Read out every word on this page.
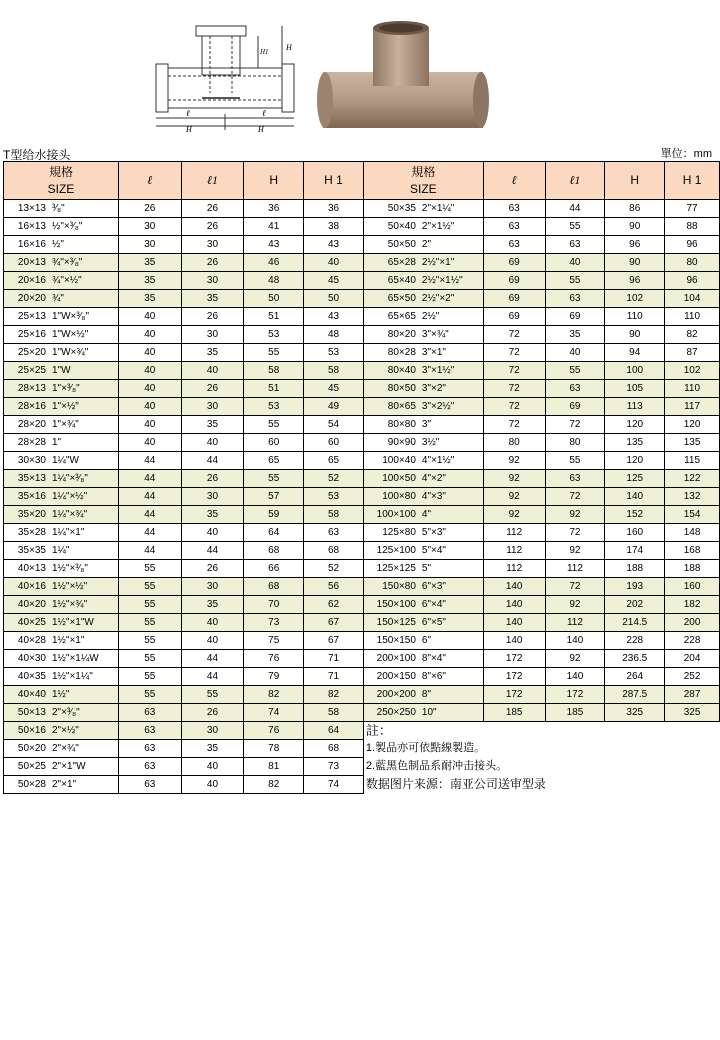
ℓ	ℓ
H	H
H
H1
T型给水接头	單位：mm
規格
SIZE	ℓ	ℓ1	H	H 1	規格
SIZE	ℓ	ℓ1	H	H 1
13×13 ³⁄₈"	26	26	36	36	50×35 2"×1¼"	63	44	86	77
16×13 ½"×³⁄₈"	30	26	41	38	50×40 2"×1½"	63	55	90	88
16×16 ½"	30	30	43	43	50×50 2"	63	63	96	96
20×13 ¾"×³⁄₈"	35	26	46	40	65×28 2½"×1"	69	40	90	80
20×16 ¾"×½"	35	30	48	45	65×40 2½"×1½"	69	55	96	96
20×20 ¾"	35	35	50	50	65×50 2½"×2"	69	63	102	104
25×13 1"W×³⁄₈"	40	26	51	43	65×65 2½"	69	69	110	110
25×16 1"W×½"	40	30	53	48	80×20 3"×¾"	72	35	90	82
25×20 1"W×¾"	40	35	55	53	80×28 3"×1"	72	40	94	87
25×25 1"W	40	40	58	58	80×40 3"×1½"	72	55	100	102
28×13 1"×³⁄₈"	40	26	51	45	80×50 3"×2"	72	63	105	110
28×16 1"×½"	40	30	53	49	80×65 3"×2½"	72	69	113	117
28×20 1"×¾"	40	35	55	54	80×80 3"	72	72	120	120
28×28 1"	40	40	60	60	90×90 3½"	80	80	135	135
30×30 1¼"W	44	44	65	65	100×40 4"×1½"	92	55	120	115
35×13 1¼"×³⁄₈"	44	26	55	52	100×50 4"×2"	92	63	125	122
35×16 1¼"×½"	44	30	57	53	100×80 4"×3"	92	72	140	132
35×20 1¼"×¾"	44	35	59	58	100×100 4"	92	92	152	154
35×28 1¼"×1"	44	40	64	63	125×80 5"×3"	112	72	160	148
35×35 1¼"	44	44	68	68	125×100 5"×4"	112	92	174	168
40×13 1½"×³⁄₈"	55	26	66	52	125×125 5"	112	112	188	188
40×16 1½"×½"	55	30	68	56	150×80 6"×3"	140	72	193	160
40×20 1½"×¾"	55	35	70	62	150×100 6"×4"	140	92	202	182
40×25 1½"×1"W	55	40	73	67	150×125 6"×5"	140	112	214.5	200
40×28 1½"×1"	55	40	75	67	150×150 6"	140	140	228	228
40×30 1½"×1¼W	55	44	76	71	200×100 8"×4"	172	92	236.5	204
40×35 1½"×1¼"	55	44	79	71	200×150 8"×6"	172	140	264	252
40×40 1½"	55	55	82	82	200×200 8"	172	172	287.5	287
50×13 2"×³⁄₈"	63	26	74	58	250×250 10"	185	185	325	325
50×16 2"×½"	63	30	76	64	註：				
50×20 2"×¾"	63	35	78	68	1.製品亦可依點線製造。				
50×25 2"×1"W	63	40	81	73	2.藍黑色制品系耐冲击接头。				
50×28 2"×1"	63	40	82	74	数据图片来源：南亚公司送审型录				
